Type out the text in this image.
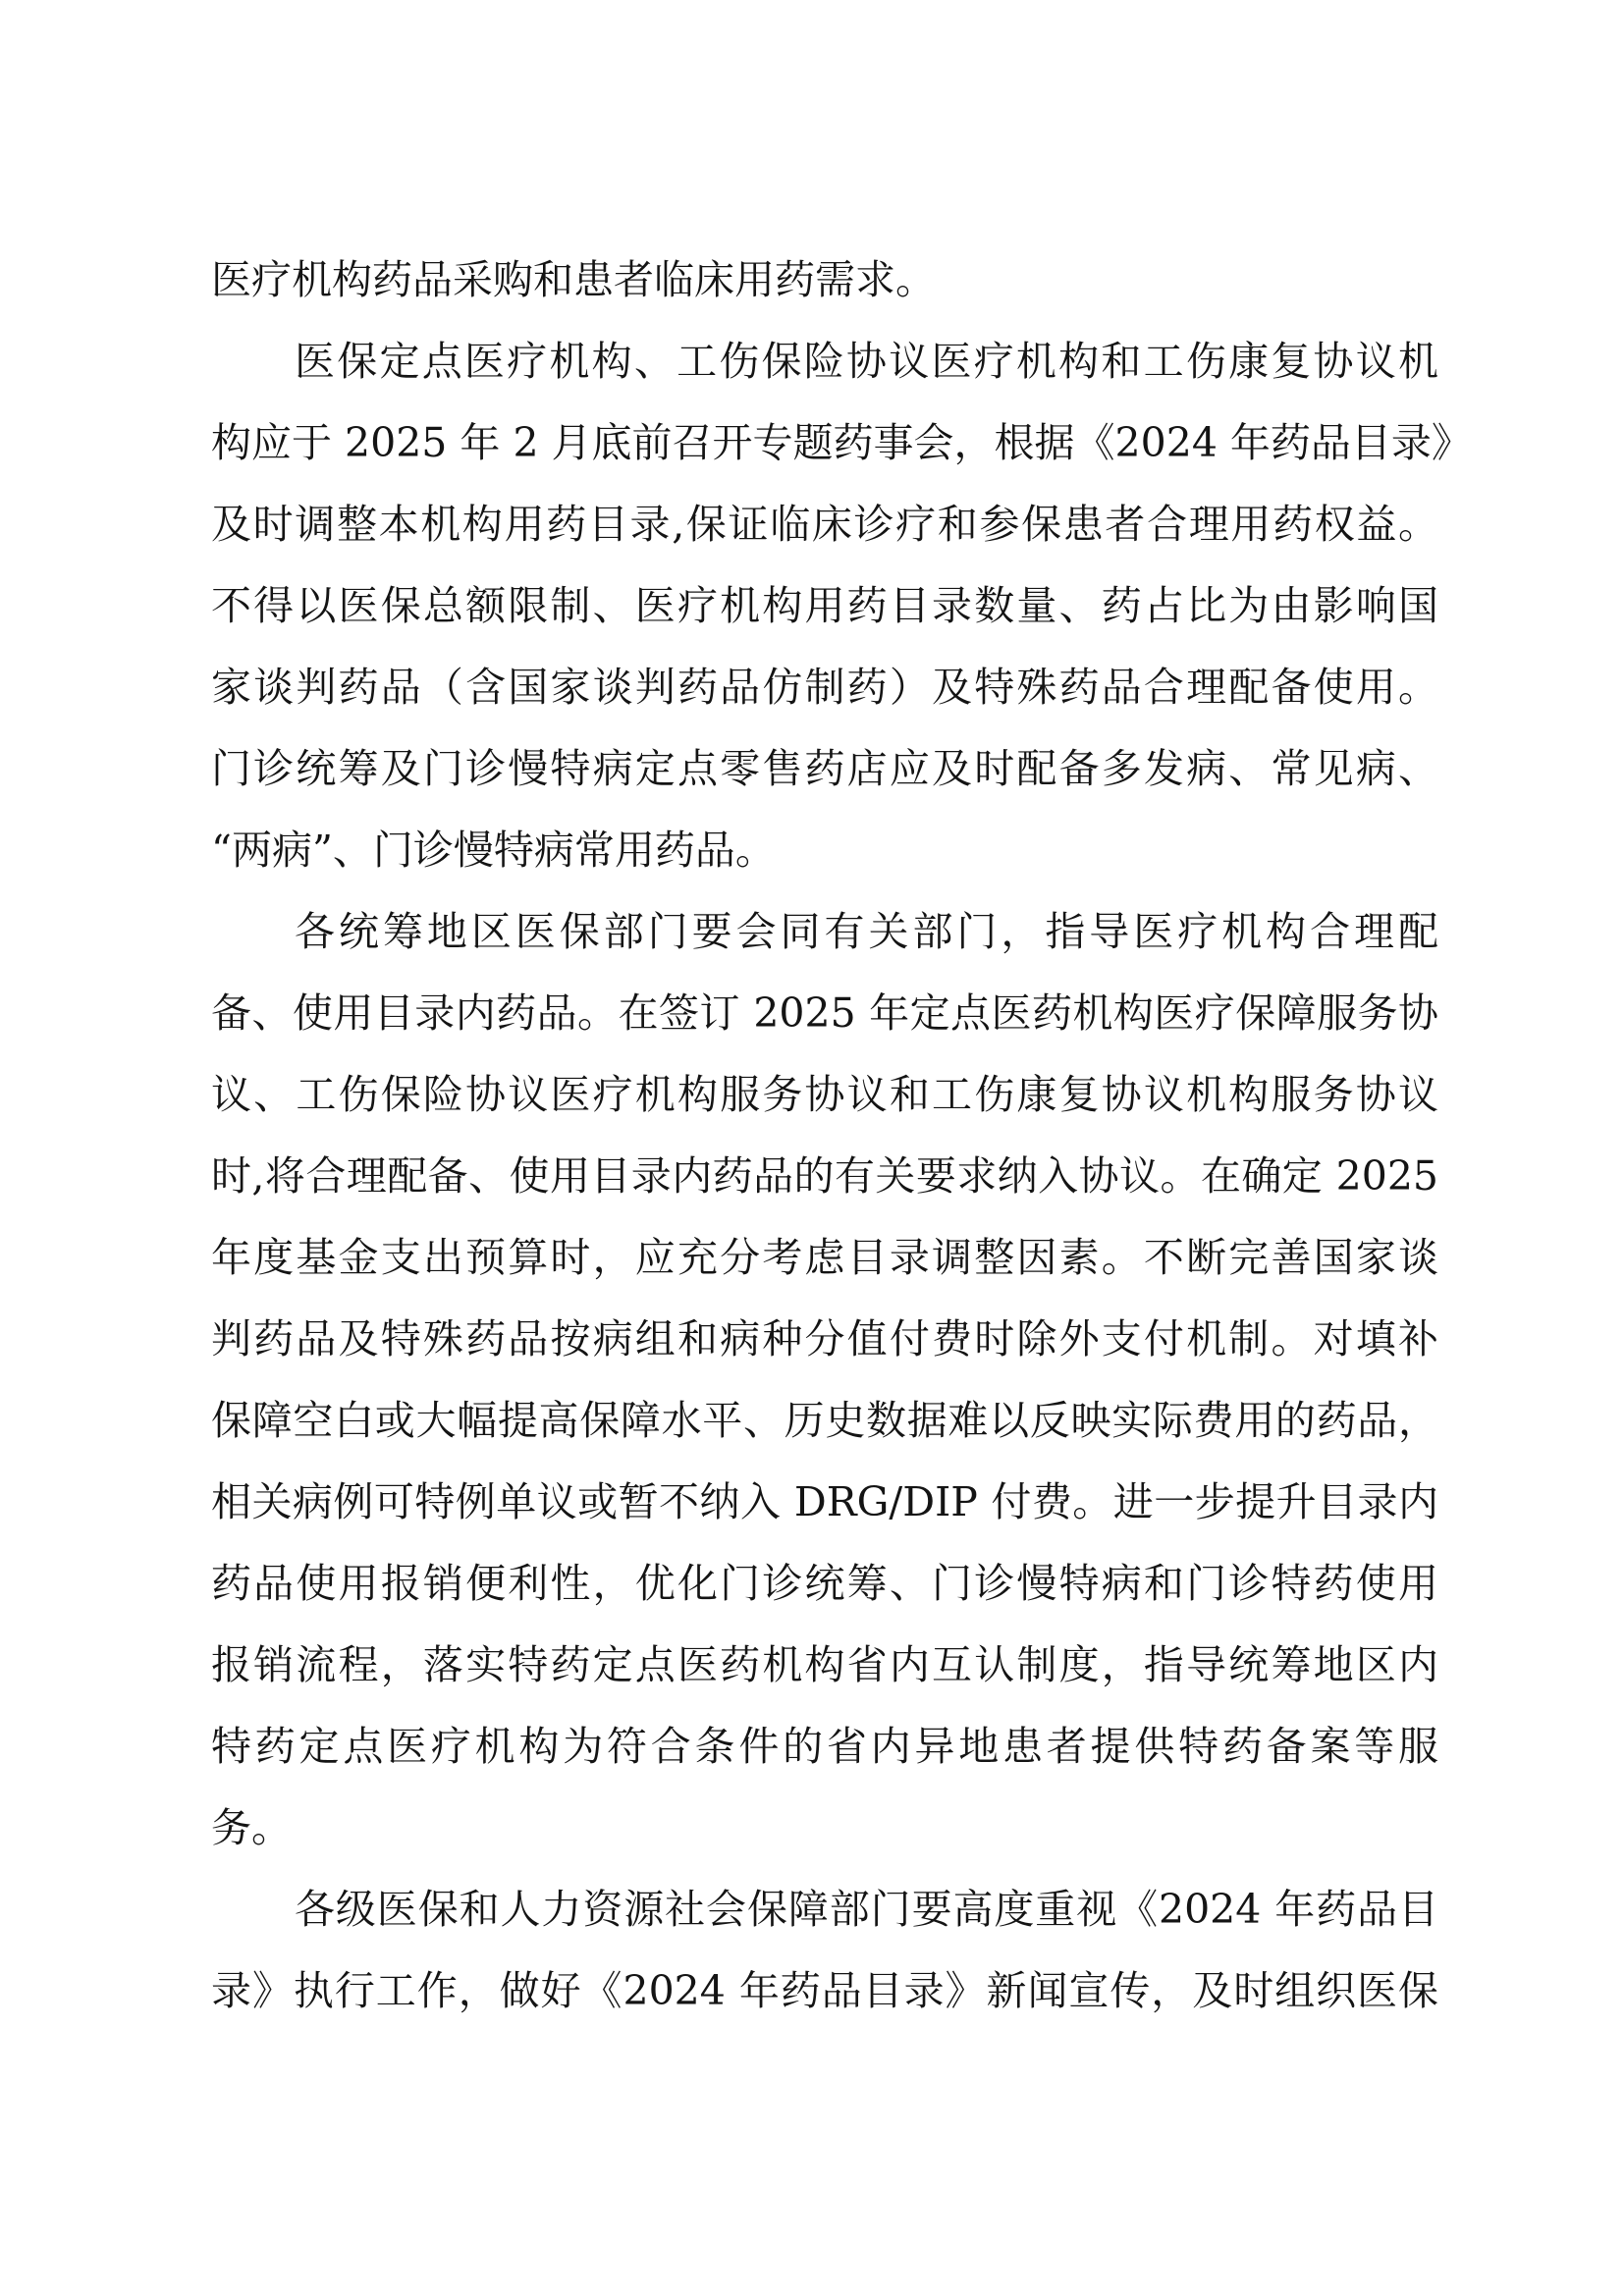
医疗机构药品采购和患者临床用药需求。
医保定点医疗机构、工伤保险协议医疗机构和工伤康复协议机
构应于 2025 年 2 月底前召开专题药事会，根据《2024 年药品目录》
及时调整本机构用药目录,保证临床诊疗和参保患者合理用药权益。
不得以医保总额限制、医疗机构用药目录数量、药占比为由影响国
家谈判药品（含国家谈判药品仿制药）及特殊药品合理配备使用。
门诊统筹及门诊慢特病定点零售药店应及时配备多发病、常见病、
“两病”、门诊慢特病常用药品。
各统筹地区医保部门要会同有关部门，指导医疗机构合理配
备、使用目录内药品。在签订 2025 年定点医药机构医疗保障服务协
议、工伤保险协议医疗机构服务协议和工伤康复协议机构服务协议
时,将合理配备、使用目录内药品的有关要求纳入协议。在确定 2025
年度基金支出预算时，应充分考虑目录调整因素。不断完善国家谈
判药品及特殊药品按病组和病种分值付费时除外支付机制。对填补
保障空白或大幅提高保障水平、历史数据难以反映实际费用的药品，
相关病例可特例单议或暂不纳入 DRG/DIP 付费。进一步提升目录内
药品使用报销便利性，优化门诊统筹、门诊慢特病和门诊特药使用
报销流程，落实特药定点医药机构省内互认制度，指导统筹地区内
特药定点医疗机构为符合条件的省内异地患者提供特药备案等服
务。
各级医保和人力资源社会保障部门要高度重视《2024 年药品目
录》执行工作，做好《2024 年药品目录》新闻宣传，及时组织医保
